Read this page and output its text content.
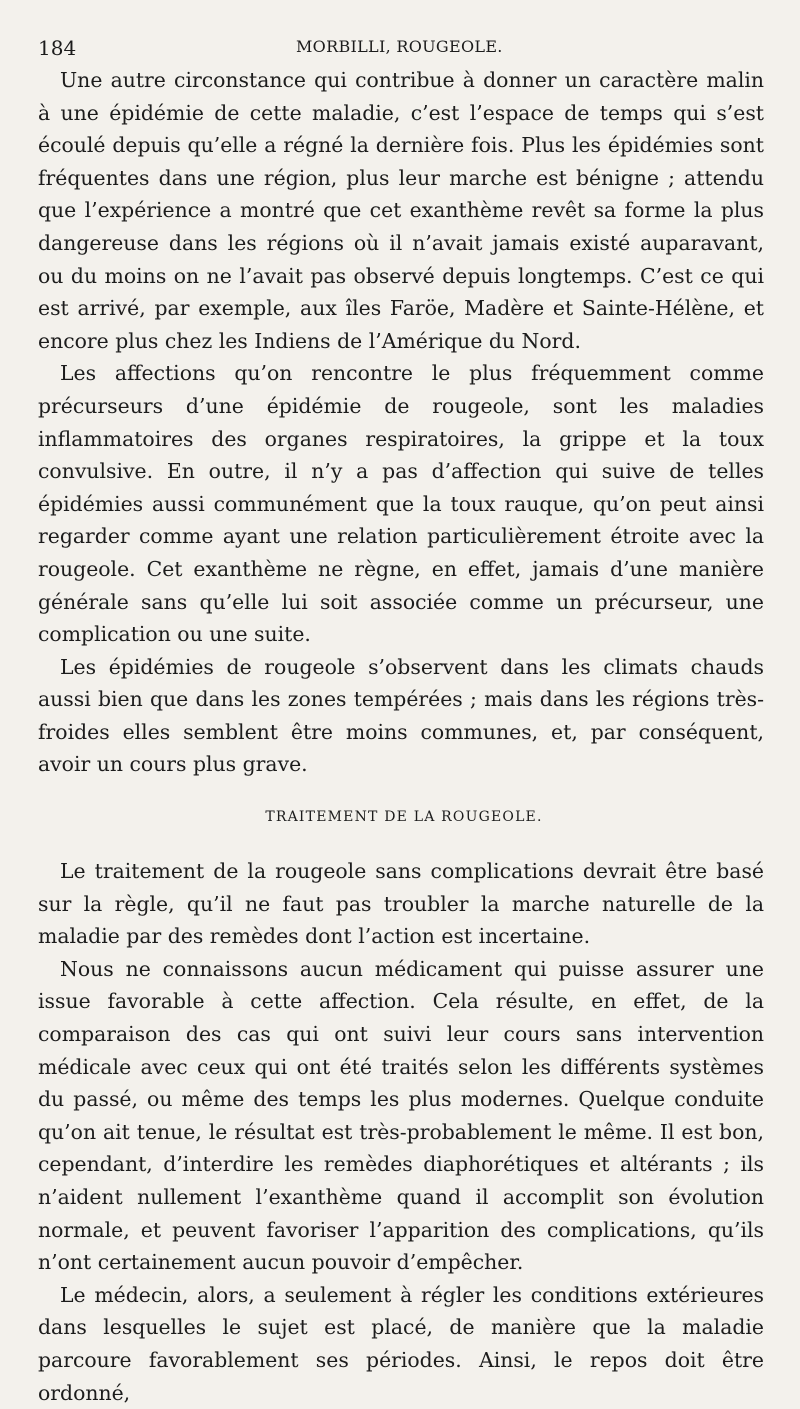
184	MORBILLI, ROUGEOLE.

Une autre circonstance qui contribue à donner un caractère malin à une épidémie de cette maladie, c’est l’espace de temps qui s’est écoulé depuis qu’elle a régné la dernière fois. Plus les épidémies sont fréquentes dans une région, plus leur marche est bénigne ; attendu que l’expérience a montré que cet exanthème revêt sa forme la plus dangereuse dans les régions où il n’avait jamais existé auparavant, ou du moins on ne l’avait pas observé depuis longtemps. C’est ce qui est arrivé, par exemple, aux îles Faröe, Madère et Sainte-Hélène, et encore plus chez les Indiens de l’Amérique du Nord.

Les affections qu’on rencontre le plus fréquemment comme précurseurs d’une épidémie de rougeole, sont les maladies inflammatoires des organes respiratoires, la grippe et la toux convulsive. En outre, il n’y a pas d’affection qui suive de telles épidémies aussi communément que la toux rauque, qu’on peut ainsi regarder comme ayant une relation particulièrement étroite avec la rougeole. Cet exanthème ne règne, en effet, jamais d’une manière générale sans qu’elle lui soit associée comme un précurseur, une complication ou une suite.

Les épidémies de rougeole s’observent dans les climats chauds aussi bien que dans les zones tempérées ; mais dans les régions très-froides elles semblent être moins communes, et, par conséquent, avoir un cours plus grave.

TRAITEMENT DE LA ROUGEOLE.

Le traitement de la rougeole sans complications devrait être basé sur la règle, qu’il ne faut pas troubler la marche naturelle de la maladie par des remèdes dont l’action est incertaine.

Nous ne connaissons aucun médicament qui puisse assurer une issue favorable à cette affection. Cela résulte, en effet, de la comparaison des cas qui ont suivi leur cours sans intervention médicale avec ceux qui ont été traités selon les différents systèmes du passé, ou même des temps les plus modernes. Quelque conduite qu’on ait tenue, le résultat est très-probablement le même. Il est bon, cependant, d’interdire les remèdes diaphorétiques et altérants ; ils n’aident nullement l’exanthème quand il accomplit son évolution normale, et peuvent favoriser l’apparition des complications, qu’ils n’ont certainement aucun pouvoir d’empêcher.

Le médecin, alors, a seulement à régler les conditions extérieures dans lesquelles le sujet est placé, de manière que la maladie parcoure favorablement ses périodes. Ainsi, le repos doit être ordonné,
